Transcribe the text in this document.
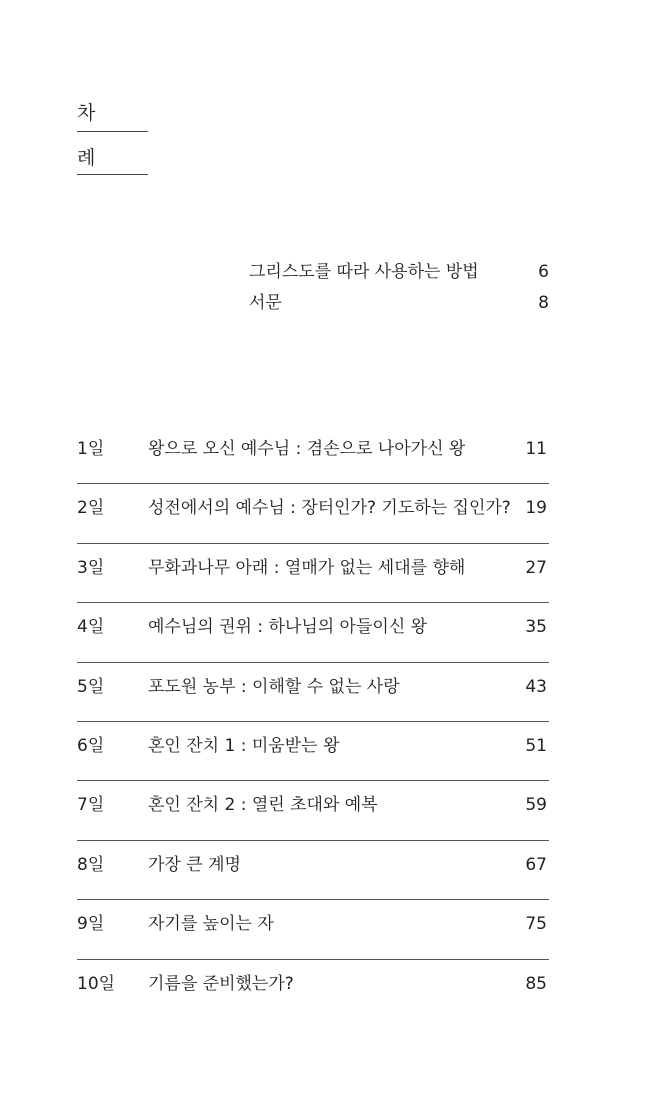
차
례
그리스도를 따라 사용하는 방법	6
서문	8
1일	왕으로 오신 예수님 : 겸손으로 나아가신 왕	11
2일	성전에서의 예수님 : 장터인가? 기도하는 집인가? 19
3일	무화과나무 아래 : 열매가 없는 세대를 향해	27
4일	예수님의 권위 : 하나님의 아들이신 왕	35
5일	포도원 농부 : 이해할 수 없는 사랑	43
6일	혼인 잔치 1 : 미움받는 왕	51
7일	혼인 잔치 2 : 열린 초대와 예복	59
8일	가장 큰 계명	67
9일	자기를 높이는 자	75
10일 기름을 준비했는가?	85
